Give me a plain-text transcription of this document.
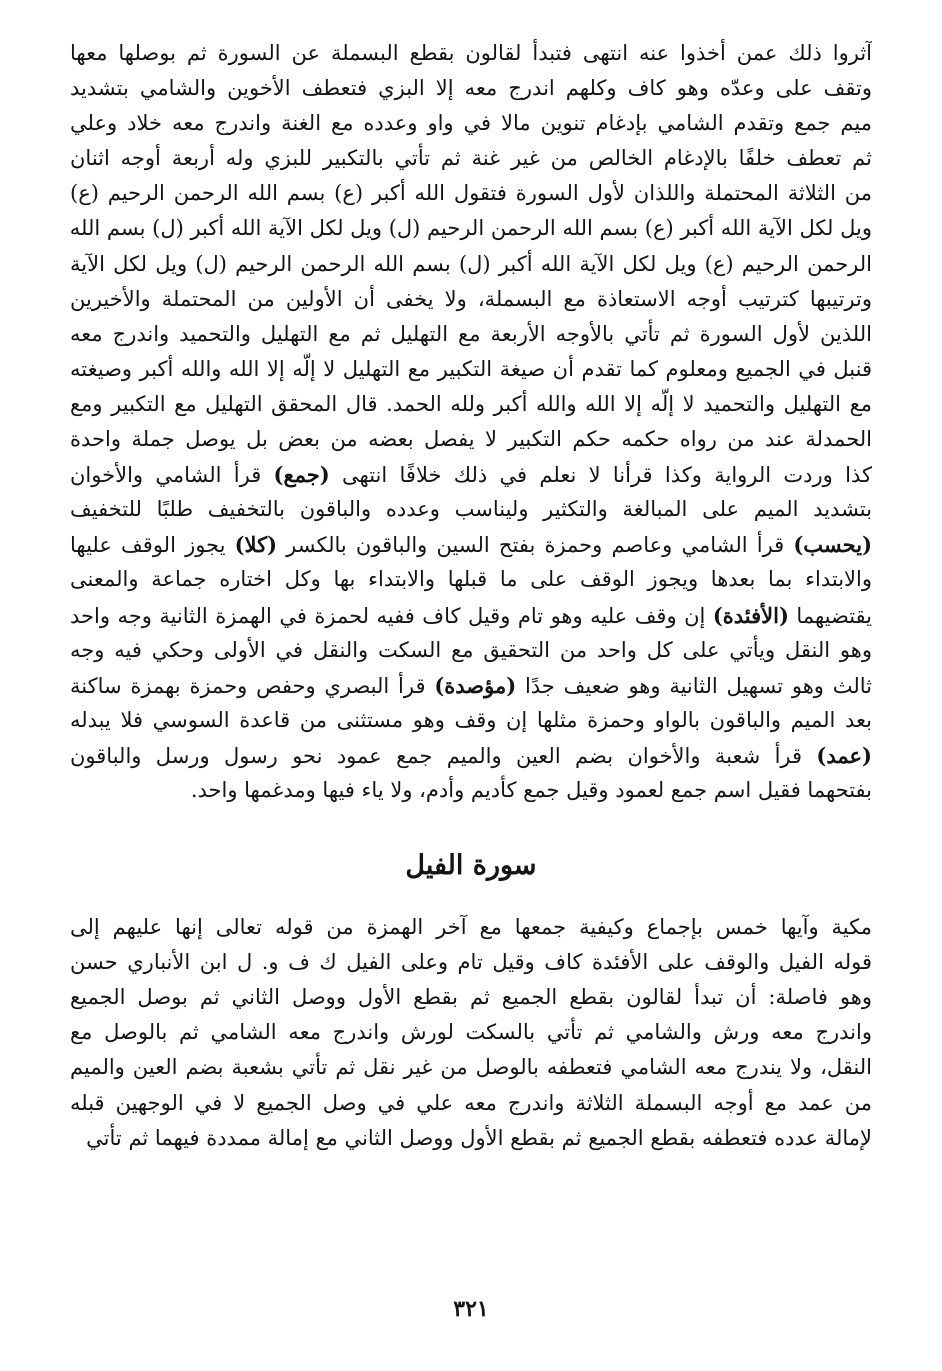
آثروا ذلك عمن أخذوا عنه انتهى فتبدأ لقالون بقطع البسملة عن السورة ثم بوصلها معها
وتقف على وعدّه وهو كاف وكلهم اندرج معه إلا البزي فتعطف الأخوين والشامي بتشديد
ميم جمع وتقدم الشامي بإدغام تنوين مالا في واو وعدده مع الغنة واندرج معه خلاد وعلي
ثم تعطف خلفًا بالإدغام الخالص من غير غنة ثم تأتي بالتكبير للبزي وله أربعة أوجه اثنان
من الثلاثة المحتملة واللذان لأول السورة فتقول الله أكبر (ع) بسم الله الرحمن الرحيم (ع)
ويل لكل الآية الله أكبر (ع) بسم الله الرحمن الرحيم (ل) ويل لكل الآية الله أكبر (ل) بسم الله
الرحمن الرحيم (ع) ويل لكل الآية الله أكبر (ل) بسم الله الرحمن الرحيم (ل) ويل لكل الآية
وترتيبها كترتيب أوجه الاستعاذة مع البسملة، ولا يخفى أن الأولين من المحتملة والأخيرين
اللذين لأول السورة ثم تأتي بالأوجه الأربعة مع التهليل ثم مع التهليل والتحميد واندرج معه
قنبل في الجميع ومعلوم كما تقدم أن صيغة التكبير مع التهليل لا إلّه إلا الله والله أكبر وصيغته
مع التهليل والتحميد لا إلّه إلا الله والله أكبر ولله الحمد. قال المحقق التهليل مع التكبير ومع
الحمدلة عند من رواه حكمه حكم التكبير لا يفصل بعضه من بعض بل يوصل جملة واحدة
كذا وردت الرواية وكذا قرأنا لا نعلم في ذلك خلافًا انتهى (جمع) قرأ الشامي والأخوان
بتشديد الميم على المبالغة والتكثير وليناسب وعدده والباقون بالتخفيف طلبًا للتخفيف
(يحسب) قرأ الشامي وعاصم وحمزة بفتح السين والباقون بالكسر (كلا) يجوز الوقف عليها
والابتداء بما بعدها ويجوز الوقف على ما قبلها والابتداء بها وكل اختاره جماعة والمعنى
يقتضيهما (الأفئدة) إن وقف عليه وهو تام وقيل كاف ففيه لحمزة في الهمزة الثانية وجه واحد
وهو النقل ويأتي على كل واحد من التحقيق مع السكت والنقل في الأولى وحكي فيه وجه
ثالث وهو تسهيل الثانية وهو ضعيف جدًا (مؤصدة) قرأ البصري وحفص وحمزة بهمزة ساكنة
بعد الميم والباقون بالواو وحمزة مثلها إن وقف وهو مستثنى من قاعدة السوسي فلا يبدله
(عمد) قرأ شعبة والأخوان بضم العين والميم جمع عمود نحو رسول ورسل والباقون
بفتحهما فقيل اسم جمع لعمود وقيل جمع كأديم وأدم، ولا ياء فيها ومدغمها واحد.
سورة الفيل
مكية وآيها خمس بإجماع وكيفية جمعها مع آخر الهمزة من قوله تعالى إنها عليهم إلى
قوله الفيل والوقف على الأفئدة كاف وقيل تام وعلى الفيل ك ف و. ل ابن الأنباري حسن
وهو فاصلة: أن تبدأ لقالون بقطع الجميع ثم بقطع الأول ووصل الثاني ثم بوصل الجميع
واندرج معه ورش والشامي ثم تأتي بالسكت لورش واندرج معه الشامي ثم بالوصل مع
النقل، ولا يندرج معه الشامي فتعطفه بالوصل من غير نقل ثم تأتي بشعبة بضم العين والميم
من عمد مع أوجه البسملة الثلاثة واندرج معه علي في وصل الجميع لا في الوجهين قبله
لإمالة عدده فتعطفه بقطع الجميع ثم بقطع الأول ووصل الثاني مع إمالة ممددة فيهما ثم تأتي
٣٢١
